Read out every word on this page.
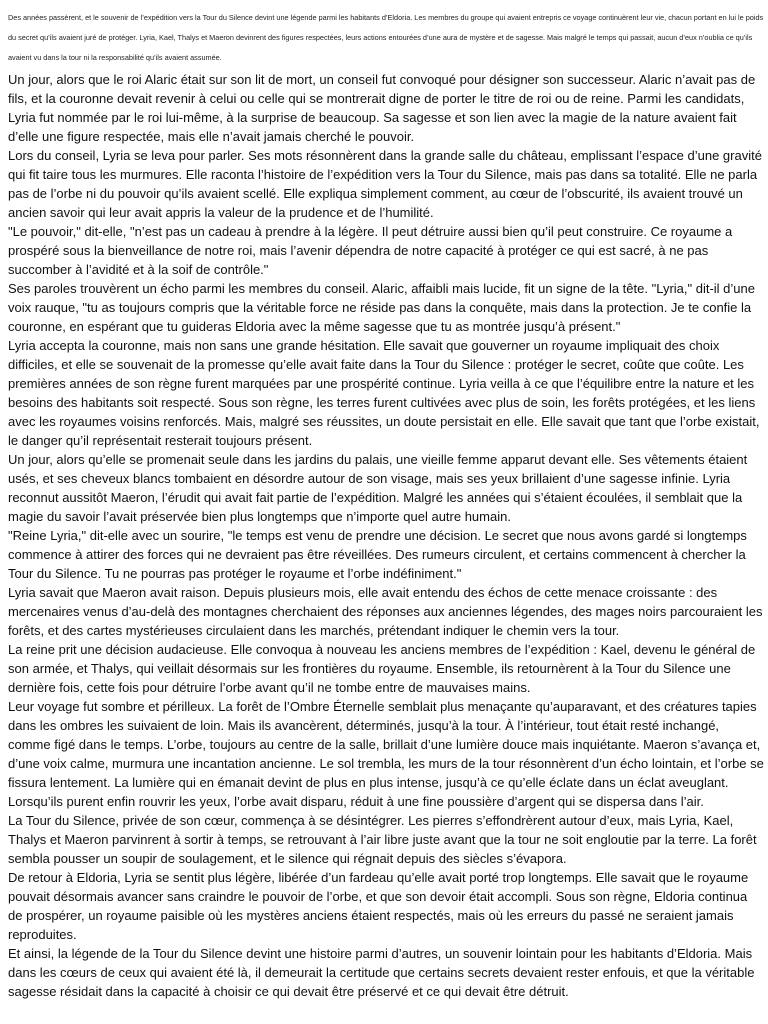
Des années passèrent, et le souvenir de l’expédition vers la Tour du Silence devint une légende parmi les habitants d’Eldoria. Les membres du groupe qui avaient entrepris ce voyage continuèrent leur vie, chacun portant en lui le poids du secret qu’ils avaient juré de protéger. Lyria, Kael, Thalys et Maeron devinrent des figures respectées, leurs actions entourées d’une aura de mystère et de sagesse. Mais malgré le temps qui passait, aucun d’eux n’oublia ce qu’ils avaient vu dans la tour ni la responsabilité qu’ils avaient assumée.

Un jour, alors que le roi Alaric était sur son lit de mort, un conseil fut convoqué pour désigner son successeur. Alaric n’avait pas de fils, et la couronne devait revenir à celui ou celle qui se montrerait digne de porter le titre de roi ou de reine. Parmi les candidats, Lyria fut nommée par le roi lui-même, à la surprise de beaucoup. Sa sagesse et son lien avec la magie de la nature avaient fait d’elle une figure respectée, mais elle n’avait jamais cherché le pouvoir.

Lors du conseil, Lyria se leva pour parler. Ses mots résonnèrent dans la grande salle du château, emplissant l’espace d’une gravité qui fit taire tous les murmures. Elle raconta l’histoire de l’expédition vers la Tour du Silence, mais pas dans sa totalité. Elle ne parla pas de l’orbe ni du pouvoir qu’ils avaient scellé. Elle expliqua simplement comment, au cœur de l’obscurité, ils avaient trouvé un ancien savoir qui leur avait appris la valeur de la prudence et de l’humilité.

"Le pouvoir," dit-elle, "n’est pas un cadeau à prendre à la légère. Il peut détruire aussi bien qu’il peut construire. Ce royaume a prospéré sous la bienveillance de notre roi, mais l’avenir dépendra de notre capacité à protéger ce qui est sacré, à ne pas succomber à l’avidité et à la soif de contrôle."

Ses paroles trouvèrent un écho parmi les membres du conseil. Alaric, affaibli mais lucide, fit un signe de la tête. "Lyria," dit-il d’une voix rauque, "tu as toujours compris que la véritable force ne réside pas dans la conquête, mais dans la protection. Je te confie la couronne, en espérant que tu guideras Eldoria avec la même sagesse que tu as montrée jusqu’à présent."

Lyria accepta la couronne, mais non sans une grande hésitation. Elle savait que gouverner un royaume impliquait des choix difficiles, et elle se souvenait de la promesse qu’elle avait faite dans la Tour du Silence : protéger le secret, coûte que coûte. Les premières années de son règne furent marquées par une prospérité continue. Lyria veilla à ce que l’équilibre entre la nature et les besoins des habitants soit respecté. Sous son règne, les terres furent cultivées avec plus de soin, les forêts protégées, et les liens avec les royaumes voisins renforcés. Mais, malgré ses réussites, un doute persistait en elle. Elle savait que tant que l’orbe existait, le danger qu’il représentait resterait toujours présent.

Un jour, alors qu’elle se promenait seule dans les jardins du palais, une vieille femme apparut devant elle. Ses vêtements étaient usés, et ses cheveux blancs tombaient en désordre autour de son visage, mais ses yeux brillaient d’une sagesse infinie. Lyria reconnut aussitôt Maeron, l’érudit qui avait fait partie de l’expédition. Malgré les années qui s’étaient écoulées, il semblait que la magie du savoir l’avait préservée bien plus longtemps que n’importe quel autre humain.

"Reine Lyria," dit-elle avec un sourire, "le temps est venu de prendre une décision. Le secret que nous avons gardé si longtemps commence à attirer des forces qui ne devraient pas être réveillées. Des rumeurs circulent, et certains commencent à chercher la Tour du Silence. Tu ne pourras pas protéger le royaume et l’orbe indéfiniment."

Lyria savait que Maeron avait raison. Depuis plusieurs mois, elle avait entendu des échos de cette menace croissante : des mercenaires venus d’au-delà des montagnes cherchaient des réponses aux anciennes légendes, des mages noirs parcouraient les forêts, et des cartes mystérieuses circulaient dans les marchés, prétendant indiquer le chemin vers la tour.

La reine prit une décision audacieuse. Elle convoqua à nouveau les anciens membres de l’expédition : Kael, devenu le général de son armée, et Thalys, qui veillait désormais sur les frontières du royaume. Ensemble, ils retournèrent à la Tour du Silence une dernière fois, cette fois pour détruire l’orbe avant qu’il ne tombe entre de mauvaises mains.

Leur voyage fut sombre et périlleux. La forêt de l’Ombre Éternelle semblait plus menaçante qu’auparavant, et des créatures tapies dans les ombres les suivaient de loin. Mais ils avancèrent, déterminés, jusqu’à la tour. À l’intérieur, tout était resté inchangé, comme figé dans le temps. L’orbe, toujours au centre de la salle, brillait d’une lumière douce mais inquiétante. Maeron s’avança et, d’une voix calme, murmura une incantation ancienne. Le sol trembla, les murs de la tour résonnèrent d’un écho lointain, et l’orbe se fissura lentement. La lumière qui en émanait devint de plus en plus intense, jusqu’à ce qu’elle éclate dans un éclat aveuglant. Lorsqu’ils purent enfin rouvrir les yeux, l’orbe avait disparu, réduit à une fine poussière d’argent qui se dispersa dans l’air.

La Tour du Silence, privée de son cœur, commença à se désintégrer. Les pierres s’effondrèrent autour d’eux, mais Lyria, Kael, Thalys et Maeron parvinrent à sortir à temps, se retrouvant à l’air libre juste avant que la tour ne soit engloutie par la terre. La forêt sembla pousser un soupir de soulagement, et le silence qui régnait depuis des siècles s’évapora.

De retour à Eldoria, Lyria se sentit plus légère, libérée d’un fardeau qu’elle avait porté trop longtemps. Elle savait que le royaume pouvait désormais avancer sans craindre le pouvoir de l’orbe, et que son devoir était accompli. Sous son règne, Eldoria continua de prospérer, un royaume paisible où les mystères anciens étaient respectés, mais où les erreurs du passé ne seraient jamais reproduites.

Et ainsi, la légende de la Tour du Silence devint une histoire parmi d’autres, un souvenir lointain pour les habitants d’Eldoria. Mais dans les cœurs de ceux qui avaient été là, il demeurait la certitude que certains secrets devaient rester enfouis, et que la véritable sagesse résidait dans la capacité à choisir ce qui devait être préservé et ce qui devait être détruit.
